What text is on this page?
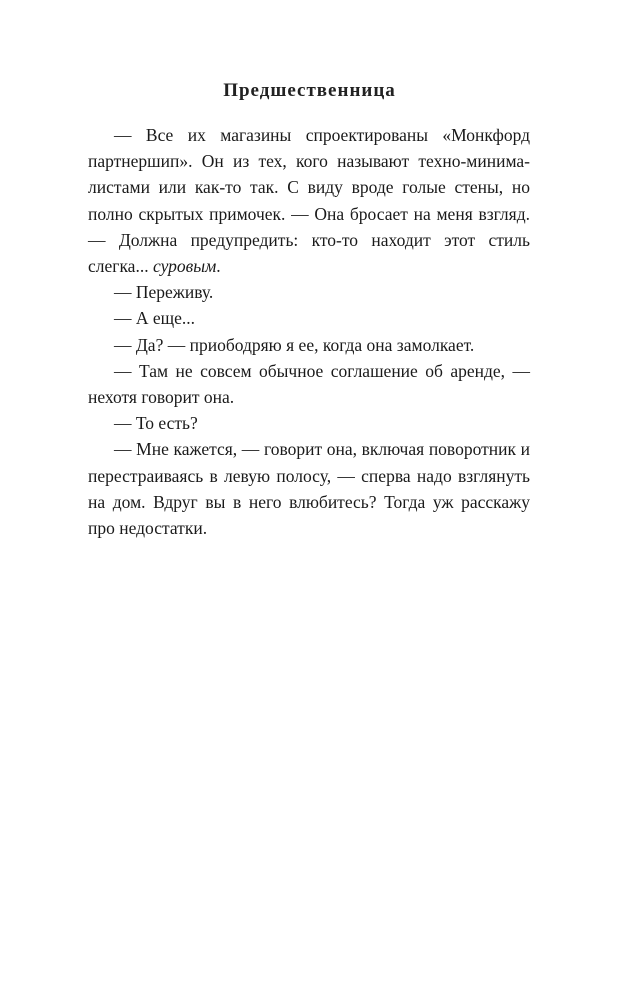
Предшественница

— Все их магазины спроектированы «Монкфорд партнершип». Он из тех, кого называют техно-минималистами или как-то так. С виду вроде голые стены, но полно скрытых примочек. — Она бросает на меня взгляд. — Должна предупредить: кто-то находит этот стиль слегка... суровым.

— Переживу.

— А еще...

— Да? — приободряю я ее, когда она замолкает.

— Там не совсем обычное соглашение об аренде, — нехотя говорит она.

— То есть?

— Мне кажется, — говорит она, включая поворотник и перестраиваясь в левую полосу, — сперва надо взглянуть на дом. Вдруг вы в него влюбитесь? Тогда уж расскажу про недостатки.
